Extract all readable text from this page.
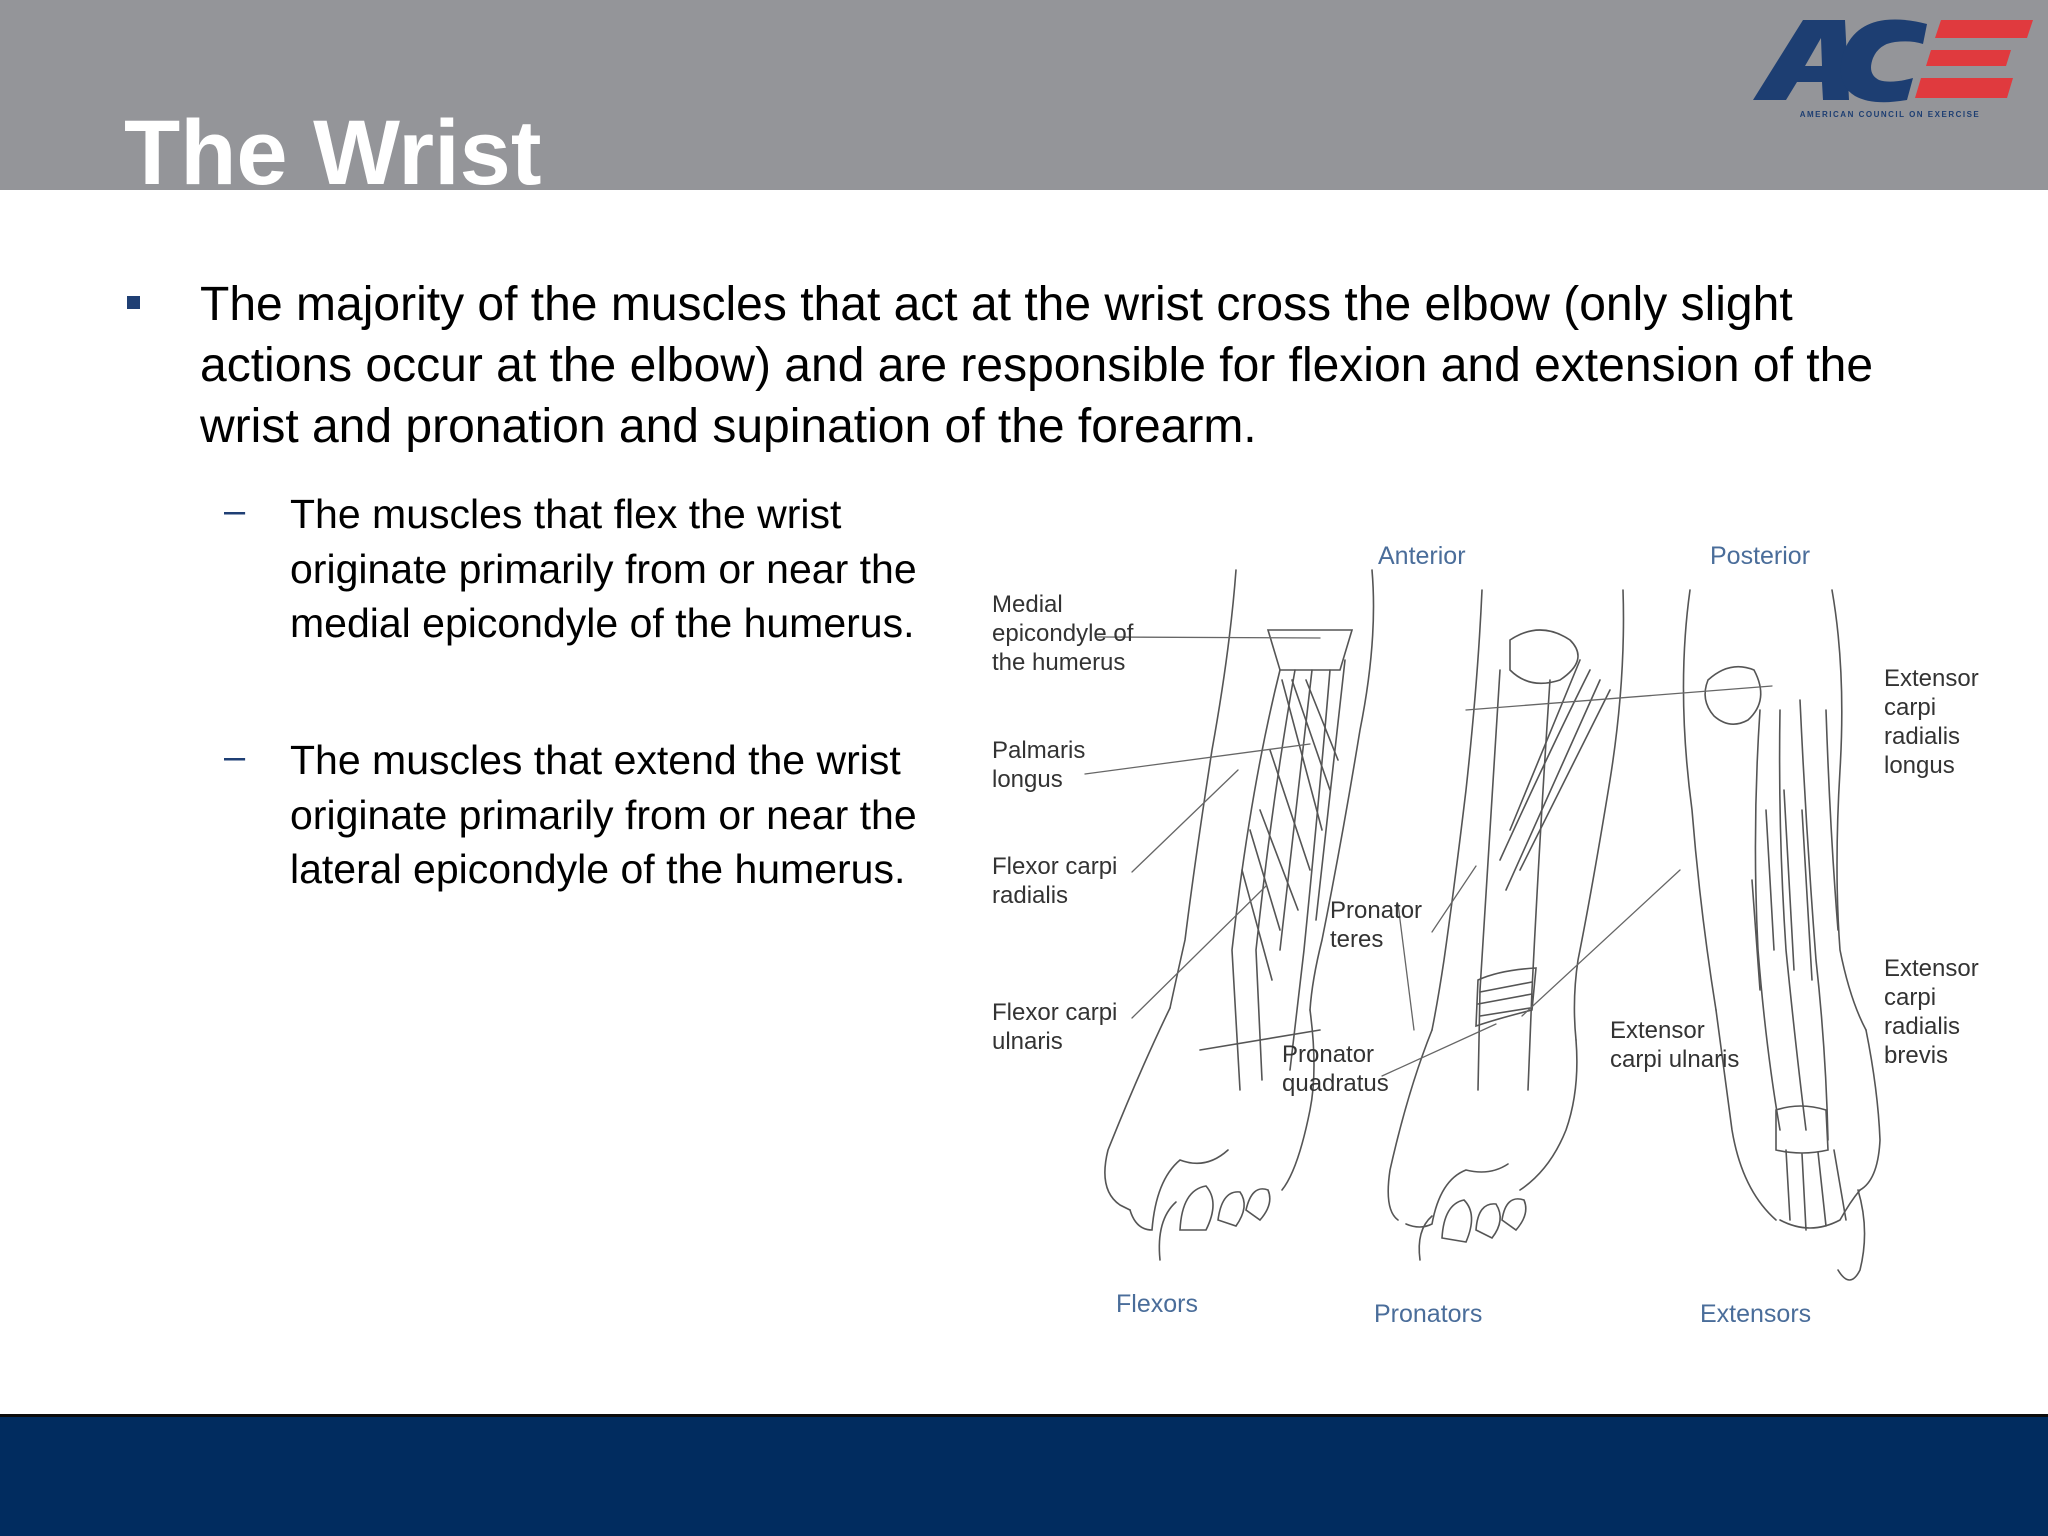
The Wrist	AMERICAN COUNCIL ON EXERCISE

The majority of the muscles that act at the wrist cross the elbow (only slight actions occur at the elbow) and are responsible for flexion and extension of the wrist and pronation and supination of the forearm.

– The muscles that flex the wrist originate primarily from or near the medial epicondyle of the humerus.

– The muscles that extend the wrist originate primarily from or near the lateral epicondyle of the humerus.

Anterior	Posterior
Medial
epicondyle of
the humerus
Palmaris
longus
Flexor carpi
radialis
Flexor carpi
ulnaris
Pronator
teres
Pronator
quadratus
Extensor
carpi
radialis
longus
Extensor
carpi
radialis
brevis
Extensor
carpi ulnaris
Flexors	Pronators	Extensors
